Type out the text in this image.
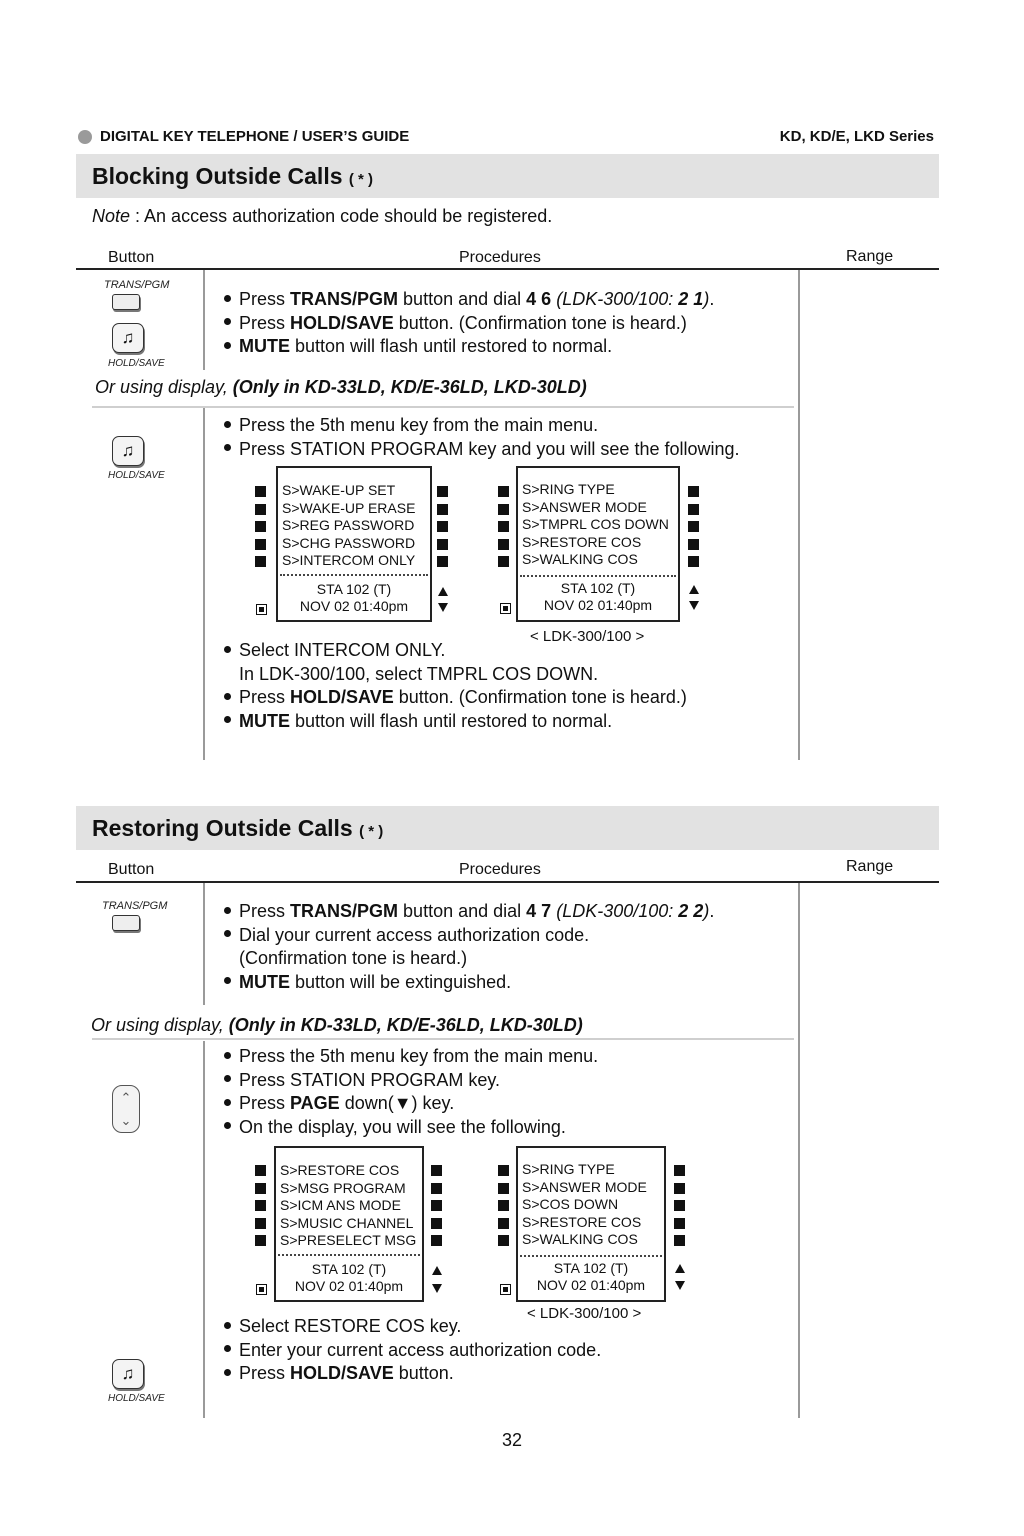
DIGITAL KEY TELEPHONE / USER’S GUIDE	KD, KD/E, LKD Series
Blocking Outside Calls ( * )
Note : An access authorization code should be registered.
Button	Procedures	Range
TRANS/PGM
♫
HOLD/SAVE
Press TRANS/PGM button and dial 4 6 (LDK-300/100: 2 1).
Press HOLD/SAVE button. (Confirmation tone is heard.)
MUTE button will flash until restored to normal.
Or using display, (Only in KD-33LD, KD/E-36LD, LKD-30LD)
♫
HOLD/SAVE
Press the 5th menu key from the main menu.
Press STATION PROGRAM key and you will see the following.
S>WAKE-UP SET
S>WAKE-UP ERASE
S>REG PASSWORD
S>CHG PASSWORD
S>INTERCOM ONLY
STA 102 (T)
NOV 02 01:40pm
S>RING TYPE
S>ANSWER MODE
S>TMPRL COS DOWN
S>RESTORE COS
S>WALKING COS
STA 102 (T)
NOV 02 01:40pm
< LDK-300/100 >
Select INTERCOM ONLY.
In LDK-300/100, select TMPRL COS DOWN.
Press HOLD/SAVE button. (Confirmation tone is heard.)
MUTE button will flash until restored to normal.
Restoring Outside Calls ( * )
Button	Procedures	Range
TRANS/PGM	Press TRANS/PGM button and dial 4 7 (LDK-300/100: 2 2).
Dial your current access authorization code.
(Confirmation tone is heard.)
MUTE button will be extinguished.
Or using display, (Only in KD-33LD, KD/E-36LD, LKD-30LD)
⌃
⌄
Press the 5th menu key from the main menu.
Press STATION PROGRAM key.
Press PAGE down(▼) key.
On the display, you will see the following.
S>RESTORE COS
S>MSG PROGRAM
S>ICM ANS MODE
S>MUSIC CHANNEL
S>PRESELECT MSG
STA 102 (T)
NOV 02 01:40pm
S>RING TYPE
S>ANSWER MODE
S>COS DOWN
S>RESTORE COS
S>WALKING COS
STA 102 (T)
NOV 02 01:40pm
< LDK-300/100 >
Select RESTORE COS key.
Enter your current access authorization code.
Press HOLD/SAVE button.
♫
HOLD/SAVE
32
